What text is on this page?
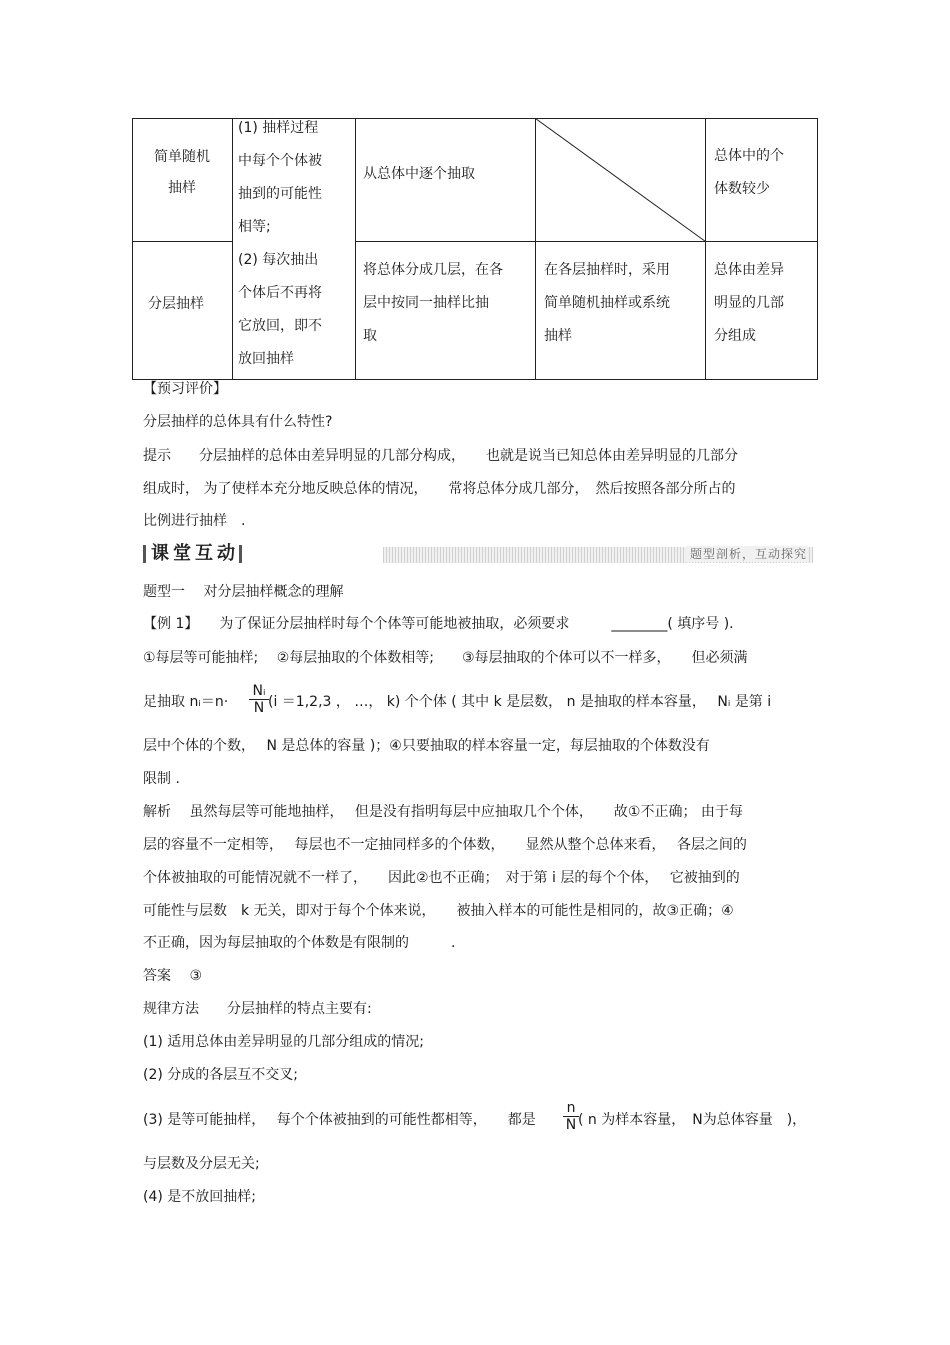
简单随机抽样
(1) 抽样过程
中每个个体被
抽到的可能性
相等;
(2) 每次抽出
个体后不再将
它放回，即不
放回抽样
从总体中逐个抽取
总体中的个
体数较少
分层抽样
将总体分成几层，在各
层中按同一抽样比抽
取
在各层抽样时，采用
简单随机抽样或系统
抽样
总体由差异
明显的几部
分组成
【预习评价】
分层抽样的总体具有什么特性?
提示　　分层抽样的总体由差异明显的几部分构成，　　也就是说当已知总体由差异明显的几部分
组成时， 为了使样本充分地反映总体的情况，　　常将总体分成几部分，　然后按照各部分所占的
比例进行抽样　.
课堂互动	题型剖析，互动探究
题型一　 对分层抽样概念的理解
【例 1】　　为了保证分层抽样时每个个体等可能地被抽取，必须要求　　　________( 填序号 ).
①每层等可能抽样;　 ②每层抽取的个体数相等;　　③每层抽取的个体可以不一样多，　　但必须满
足抽取 nᵢ＝n·
Nᵢ
N (i ＝1,2,3 ， …， k) 个个体 ( 其中 k 是层数， n 是抽取的样本容量，　 Nᵢ 是第 i
层中个体的个数，　 N 是总体的容量 )；④只要抽取的样本容量一定，每层抽取的个体数没有
限制 .
解析　 虽然每层等可能地抽样，　 但是没有指明每层中应抽取几个个体，　　故①不正确； 由于每
层的容量不一定相等，　 每层也不一定抽同样多的个体数，　　显然从整个总体来看，　 各层之间的
个体被抽取的可能情况就不一样了，　　因此②也不正确；　对于第 i 层的每个个体，　 它被抽到的
可能性与层数　k 无关，即对于每个个体来说，　　被抽入样本的可能性是相同的，故③正确；④
不正确，因为每层抽取的个体数是有限制的　　　.
答案　 ③
规律方法　　分层抽样的特点主要有:
(1) 适用总体由差异明显的几部分组成的情况;
(2) 分成的各层互不交叉;
(3) 是等可能抽样，　 每个个体被抽到的可能性都相等，　　都是
n
N ( n 为样本容量，　N为总体容量　)，
与层数及分层无关;
(4) 是不放回抽样;
